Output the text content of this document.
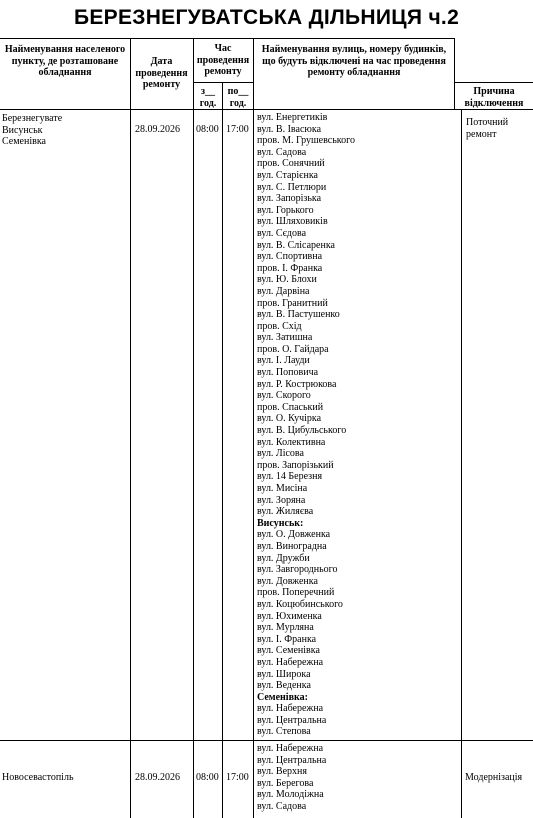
БЕРЕЗНЕГУВАТСЬКА ДІЛЬНИЦЯ ч.2
Найменування населеного пункту, де розташоване обладнання
Дата проведення ремонту
Час проведення ремонту
з__ год.
по__ год.
Найменування вулиць, номеру будинків, що будуть відключені на час проведення ремонту обладнання
Причина відключення
Березнегувате
Висунськ
Семенівка
28.09.2026 08:00 17:00
вул. Енергетиків
вул. В. Івасюка
пров. М. Грушевського
вул. Садова
пров. Сонячний
вул. Старієнка
вул. С. Петлюри
вул. Запорізька
вул. Горького
вул. Шляховиків
вул. Сєдова
вул. В. Слісаренка
вул. Спортивна
пров. І. Франка
вул. Ю. Блохи
вул. Дарвіна
пров. Гранитний
вул. В. Пастушенко
пров. Схід
вул. Затишна
пров. О. Гайдара
вул. І. Лауди
вул. Поповича
вул. Р. Кострюкова
вул. Скорого
пров. Спаський
вул. О. Кучірка
вул. В. Цибульського
вул. Колективна
вул. Лісова
пров. Запорізький
вул. 14 Березня
вул. Мисіна
вул. Зоряна
вул. Жиляєва
Висунськ:
вул. О. Довженка
вул. Виноградна
вул. Дружби
вул. Завгороднього
вул. Довженка
пров. Поперечний
вул. Коцюбинського
вул. Юхименка
вул. Мурляна
вул. І. Франка
вул. Семенівка
вул. Набережна
вул. Широка
вул. Веденка
Семенівка:
вул. Набережна
вул. Центральна
вул. Степова
Поточний ремонт
Новосевастопіль	28.09.2026 08:00 17:00
вул. Набережна
вул. Центральна
вул. Верхня
вул. Берегова
вул. Молодіжна
вул. Садова
Модернізація
